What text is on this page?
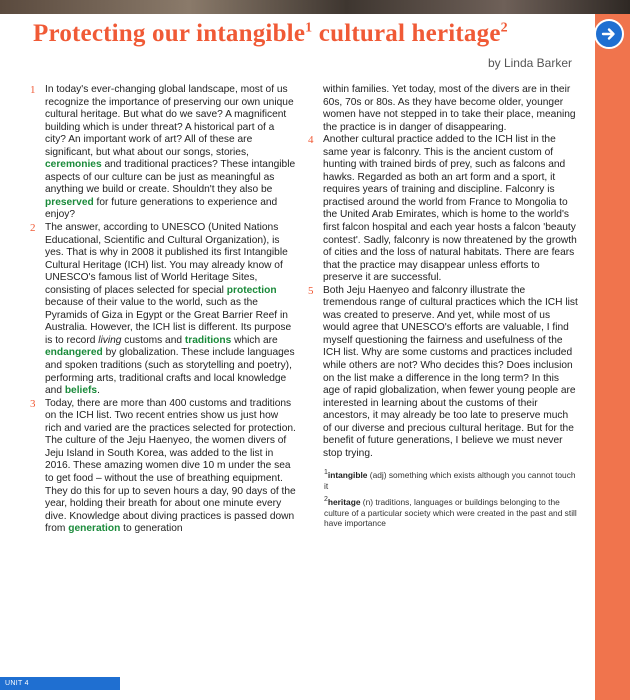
Protecting our intangible$^1$ cultural heritage$^2$
by Linda Barker

1 In today's ever-changing global landscape, most of us recognize the importance of preserving our own unique cultural heritage. But what do we save? A magnificent building which is under threat? A historical part of a city? An important work of art? All of these are significant, but what about our songs, stories, ceremonies and traditional practices? These intangible aspects of our culture can be just as meaningful as anything we build or create. Shouldn't they also be preserved for future generations to experience and enjoy?

2 The answer, according to UNESCO (United Nations Educational, Scientific and Cultural Organization), is yes. That is why in 2008 it published its first Intangible Cultural Heritage (ICH) list. You may already know of UNESCO's famous list of World Heritage Sites, consisting of places selected for special protection because of their value to the world, such as the Pyramids of Giza in Egypt or the Great Barrier Reef in Australia. However, the ICH list is different. Its purpose is to record living customs and traditions which are endangered by globalization. These include languages and spoken traditions (such as storytelling and poetry), performing arts, traditional crafts and local knowledge and beliefs.

3 Today, there are more than 400 customs and traditions on the ICH list. Two recent entries show us just how rich and varied are the practices selected for protection. The culture of the Jeju Haenyeo, the women divers of Jeju Island in South Korea, was added to the list in 2016. These amazing women dive 10 m under the sea to get food – without the use of breathing equipment. They do this for up to seven hours a day, 90 days of the year, holding their breath for about one minute every dive. Knowledge about diving practices is passed down from generation to generation

within families. Yet today, most of the divers are in their 60s, 70s or 80s. As they have become older, younger women have not stepped in to take their place, meaning the practice is in danger of disappearing.

4 Another cultural practice added to the ICH list in the same year is falconry. This is the ancient custom of hunting with trained birds of prey, such as falcons and hawks. Regarded as both an art form and a sport, it requires years of training and discipline. Falconry is practised around the world from France to Mongolia to the United Arab Emirates, which is home to the world's first falcon hospital and each year hosts a falcon 'beauty contest'. Sadly, falconry is now threatened by the growth of cities and the loss of natural habitats. There are fears that the practice may disappear unless efforts to preserve it are successful.

5 Both Jeju Haenyeo and falconry illustrate the tremendous range of cultural practices which the ICH list was created to preserve. And yet, while most of us would agree that UNESCO's efforts are valuable, I find myself questioning the fairness and usefulness of the ICH list. Why are some customs and practices included while others are not? Who decides this? Does inclusion on the list make a difference in the long term? In this age of rapid globalization, when fewer young people are interested in learning about the customs of their ancestors, it may already be too late to preserve much of our diverse and precious cultural heritage. But for the benefit of future generations, I believe we must never stop trying.

$^1$intangible (adj) something which exists although you cannot touch it

$^2$heritage (n) traditions, languages or buildings belonging to the culture of a particular society which were created in the past and still have importance

UNIT 4
